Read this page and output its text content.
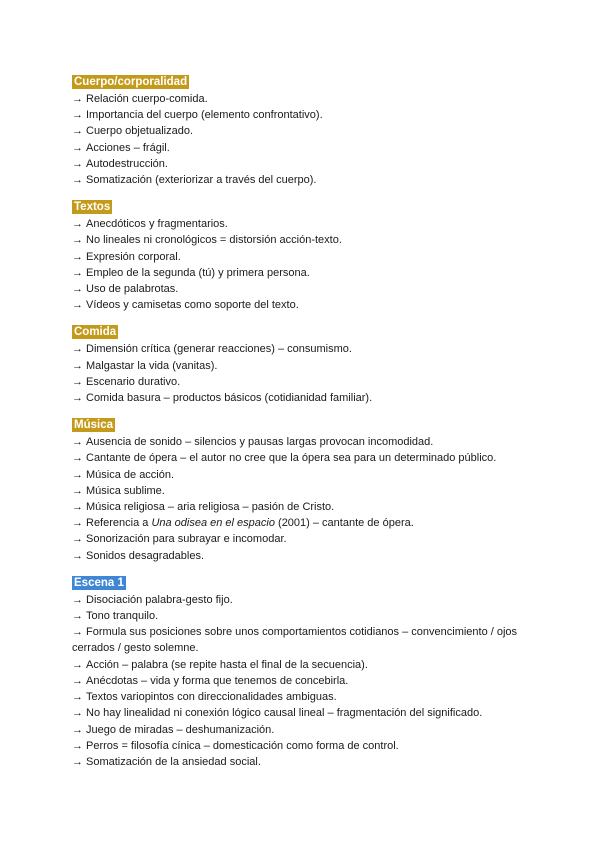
Cuerpo/corporalidad
→ Relación cuerpo-comida.
→ Importancia del cuerpo (elemento confrontativo).
→ Cuerpo objetualizado.
→ Acciones – frágil.
→ Autodestrucción.
→ Somatización (exteriorizar a través del cuerpo).
Textos
→ Anecdóticos y fragmentarios.
→ No lineales ni cronológicos = distorsión acción-texto.
→ Expresión corporal.
→ Empleo de la segunda (tú) y primera persona.
→ Uso de palabrotas.
→ Vídeos y camisetas como soporte del texto.
Comida
→ Dimensión crítica (generar reacciones) – consumismo.
→ Malgastar la vida (vanitas).
→ Escenario durativo.
→ Comida basura – productos básicos (cotidianidad familiar).
Música
→ Ausencia de sonido – silencios y pausas largas provocan incomodidad.
→ Cantante de ópera – el autor no cree que la ópera sea para un determinado público.
→ Música de acción.
→ Música sublime.
→ Música religiosa – aria religiosa – pasión de Cristo.
→ Referencia a Una odisea en el espacio (2001) – cantante de ópera.
→ Sonorización para subrayar e incomodar.
→ Sonidos desagradables.
Escena 1
→ Disociación palabra-gesto fijo.
→ Tono tranquilo.
→ Formula sus posiciones sobre unos comportamientos cotidianos – convencimiento / ojos cerrados / gesto solemne.
→ Acción – palabra (se repite hasta el final de la secuencia).
→ Anécdotas – vida y forma que tenemos de concebirla.
→ Textos variopintos con direccionalidades ambiguas.
→ No hay linealidad ni conexión lógico causal lineal – fragmentación del significado.
→ Juego de miradas – deshumanización.
→ Perros = filosofía cínica – domesticación como forma de control.
→ Somatización de la ansiedad social.
